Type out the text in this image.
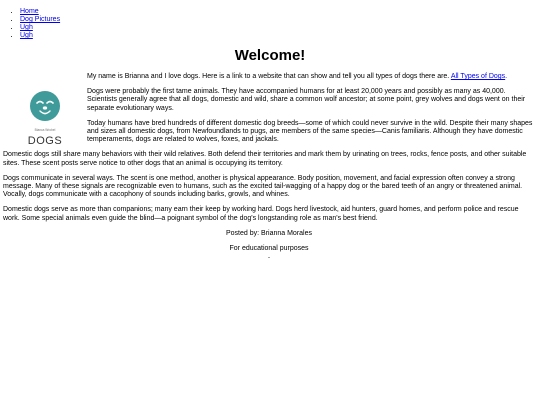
• Home
• Dog Pictures
• Ugh
• Ugh
Welcome!
Bianca Wrobel
DOGS

My name is Brianna and I love dogs. Here is a link to a website that can show and tell you all types of dogs there are. All Types of Dogs.

Dogs were probably the first tame animals. They have accompanied humans for at least 20,000 years and possibly as many as 40,000. Scientists generally agree that all dogs, domestic and wild, share a common wolf ancestor; at some point, grey wolves and dogs went on their separate evolutionary ways.

Today humans have bred hundreds of different domestic dog breeds—some of which could never survive in the wild. Despite their many shapes and sizes all domestic dogs, from Newfoundlands to pugs, are members of the same species—Canis familiaris. Although they have domestic temperaments, dogs are related to wolves, foxes, and jackals.

Domestic dogs still share many behaviors with their wild relatives. Both defend their territories and mark them by urinating on trees, rocks, fence posts, and other suitable sites. These scent posts serve notice to other dogs that an animal is occupying its territory.

Dogs communicate in several ways. The scent is one method, another is physical appearance. Body position, movement, and facial expression often convey a strong message. Many of these signals are recognizable even to humans, such as the excited tail-wagging of a happy dog or the bared teeth of an angry or threatened animal. Vocally, dogs communicate with a cacophony of sounds including barks, growls, and whines.

Domestic dogs serve as more than companions; many earn their keep by working hard. Dogs herd livestock, aid hunters, guard homes, and perform police and rescue work. Some special animals even guide the blind—a poignant symbol of the dog's longstanding role as man's best friend.

Posted by: Brianna Morales

For educational purposes

-
